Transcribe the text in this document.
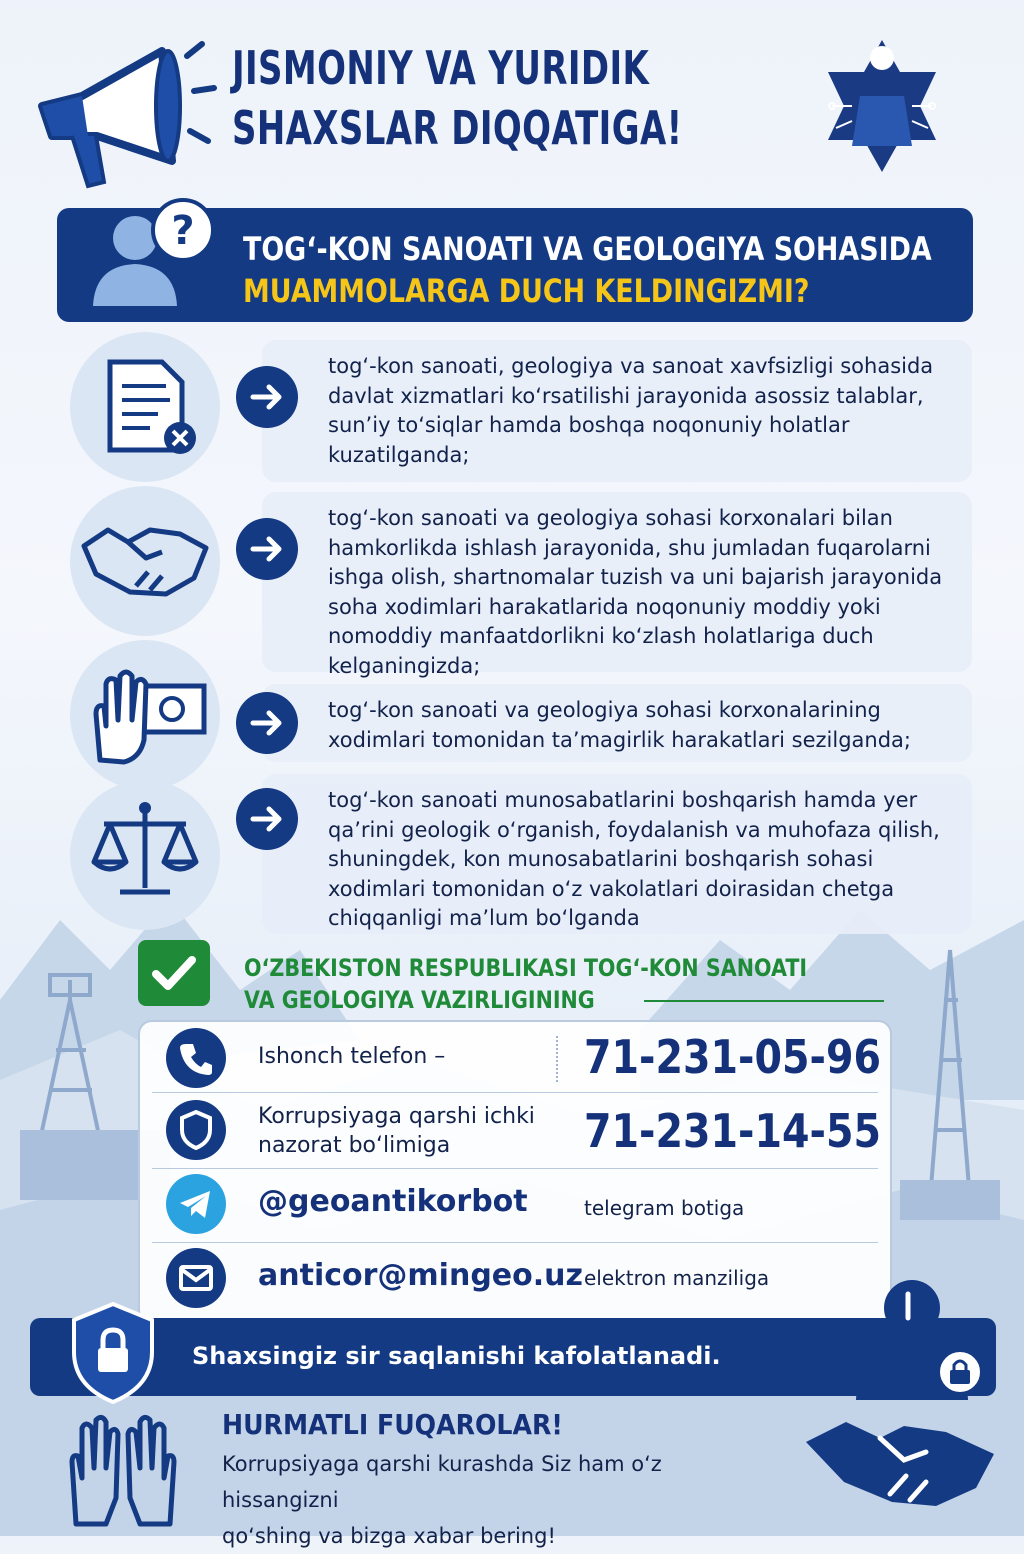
JISMONIY VA YURIDIK
SHAXSLAR DIQQATIGA!
? TOG‘-KON SANOATI VA GEOLOGIYA SOHASIDA
MUAMMOLARGA DUCH KELDINGIZMI?
tog‘-kon sanoati, geologiya va sanoat xavfsizligi sohasida davlat xizmatlari ko‘rsatilishi jarayonida asossiz talablar, sun’iy to‘siqlar hamda boshqa noqonuniy holatlar kuzatilganda;
tog‘-kon sanoati va geologiya sohasi korxonalari bilan hamkorlikda ishlash jarayonida, shu jumladan fuqarolarni ishga olish, shartnomalar tuzish va uni bajarish jarayonida soha xodimlari harakatlarida noqonuniy moddiy yoki nomoddiy manfaatdorlikni ko‘zlash holatlariga duch kelganingizda;
tog‘-kon sanoati va geologiya sohasi korxonalarining xodimlari tomonidan ta’magirlik harakatlari sezilganda;
tog‘-kon sanoati munosabatlarini boshqarish hamda yer qa’rini geologik o‘rganish, foydalanish va muhofaza qilish, shuningdek, kon munosabatlarini boshqarish sohasi xodimlari tomonidan o‘z vakolatlari doirasidan chetga chiqqanligi ma’lum bo‘lganda
O‘ZBEKISTON RESPUBLIKASI TOG‘-KON SANOATI
VA GEOLOGIYA VAZIRLIGINING
Ishonch telefon –	71-231-05-96
Korrupsiyaga qarshi ichki
nazorat bo‘limiga	71-231-14-55
@geoantikorbot	telegram botiga
anticor@mingeo.uz elektron manziliga
Shaxsingiz sir saqlanishi kafolatlanadi.
HURMATLI FUQAROLAR!
Korrupsiyaga qarshi kurashda Siz ham o‘z hissangizni
qo‘shing va bizga xabar bering!
